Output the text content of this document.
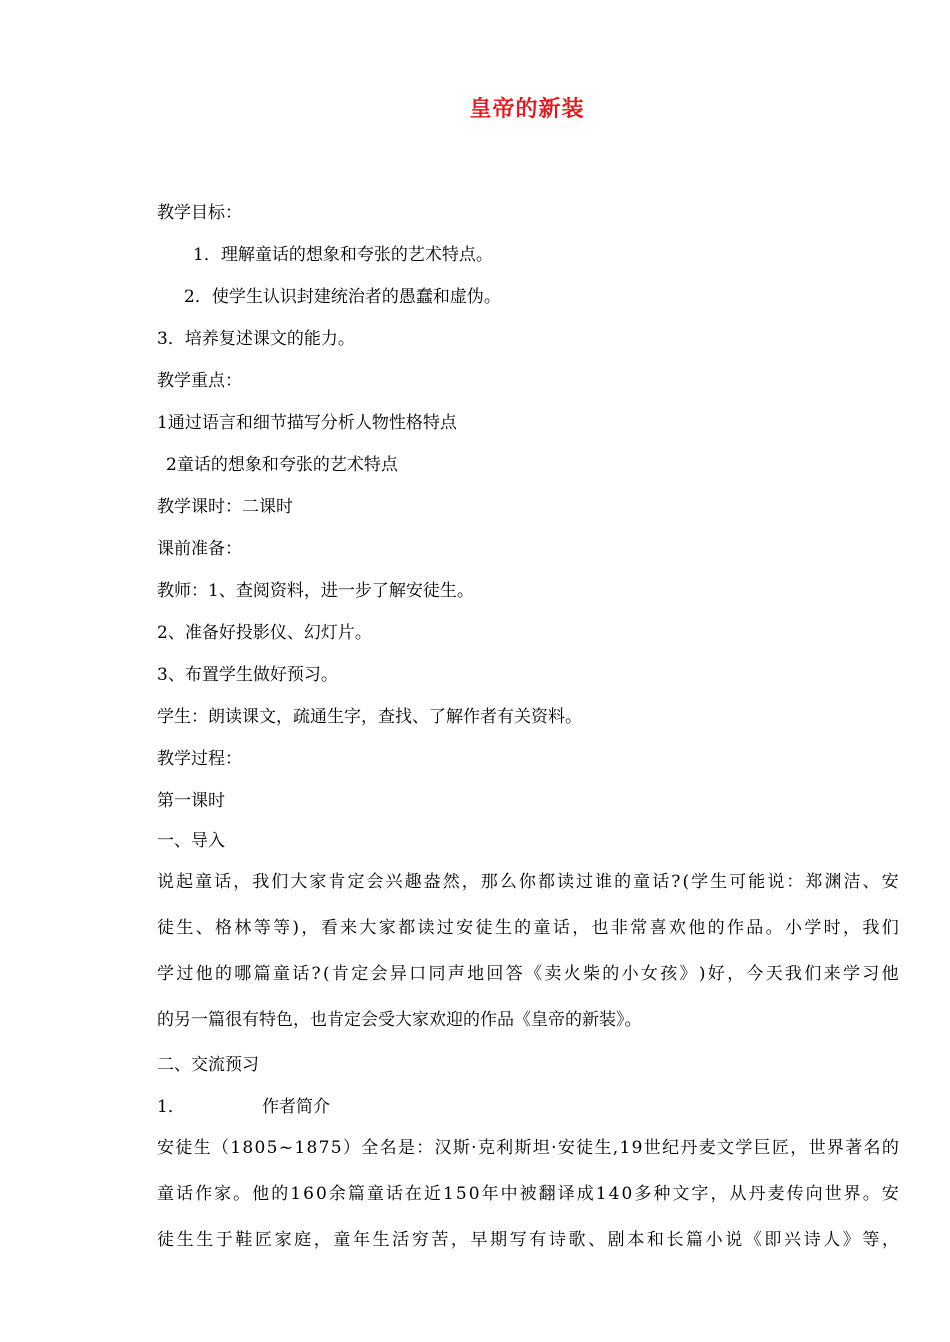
皇帝的新装
教学目标：
1．理解童话的想象和夸张的艺术特点。
2．使学生认识封建统治者的愚蠢和虚伪。
3．培养复述课文的能力。
教学重点：
1通过语言和细节描写分析人物性格特点
2童话的想象和夸张的艺术特点
教学课时：二课时
课前准备：
教师：1、查阅资料，进一步了解安徒生。
2、准备好投影仪、幻灯片。
3、布置学生做好预习。
学生：朗读课文，疏通生字，查找、了解作者有关资料。
教学过程：
第一课时
一、导入
说 起 童 话 ， 我 们 大 家 肯 定 会 兴 趣 盎 然 ， 那 么 你 都 读 过 谁 的 童 话 ? ( 学 生 可 能 说 ： 郑 渊 洁 、 安
徒 生 、 格 林 等 等 ) ， 看 来 大 家 都 读 过 安 徒 生 的 童 话 ， 也 非 常 喜 欢 他 的 作 品 。 小 学 时 ， 我 们
学 过 他 的 哪 篇 童 话 ? ( 肯 定 会 异 口 同 声 地 回 答 《 卖 火 柴 的 小 女 孩 》 ) 好 ， 今 天 我 们 来 学 习 他
的另一篇很有特色，也肯定会受大家欢迎的作品《皇帝的新装》。
二、交流预习
1．	作者简介
安 徒 生 （ 1 8 0 5 ~ 1 8 7 5 ） 全 名 是 ： 汉 斯 · 克 利 斯 坦 · 安 徒 生 , 1 9 世 纪 丹 麦 文 学 巨 匠 ， 世 界 著 名 的
童 话 作 家 。 他 的 1 6 0 余 篇 童 话 在 近 1 5 0 年 中 被 翻 译 成 1 4 0 多 种 文 字 ， 从 丹 麦 传 向 世 界 。 安
徒 生 生 于 鞋 匠 家 庭 ， 童 年 生 活 穷 苦 ， 早 期 写 有 诗 歌 、 剧 本 和 长 篇 小 说 《 即 兴 诗 人 》 等 ，
